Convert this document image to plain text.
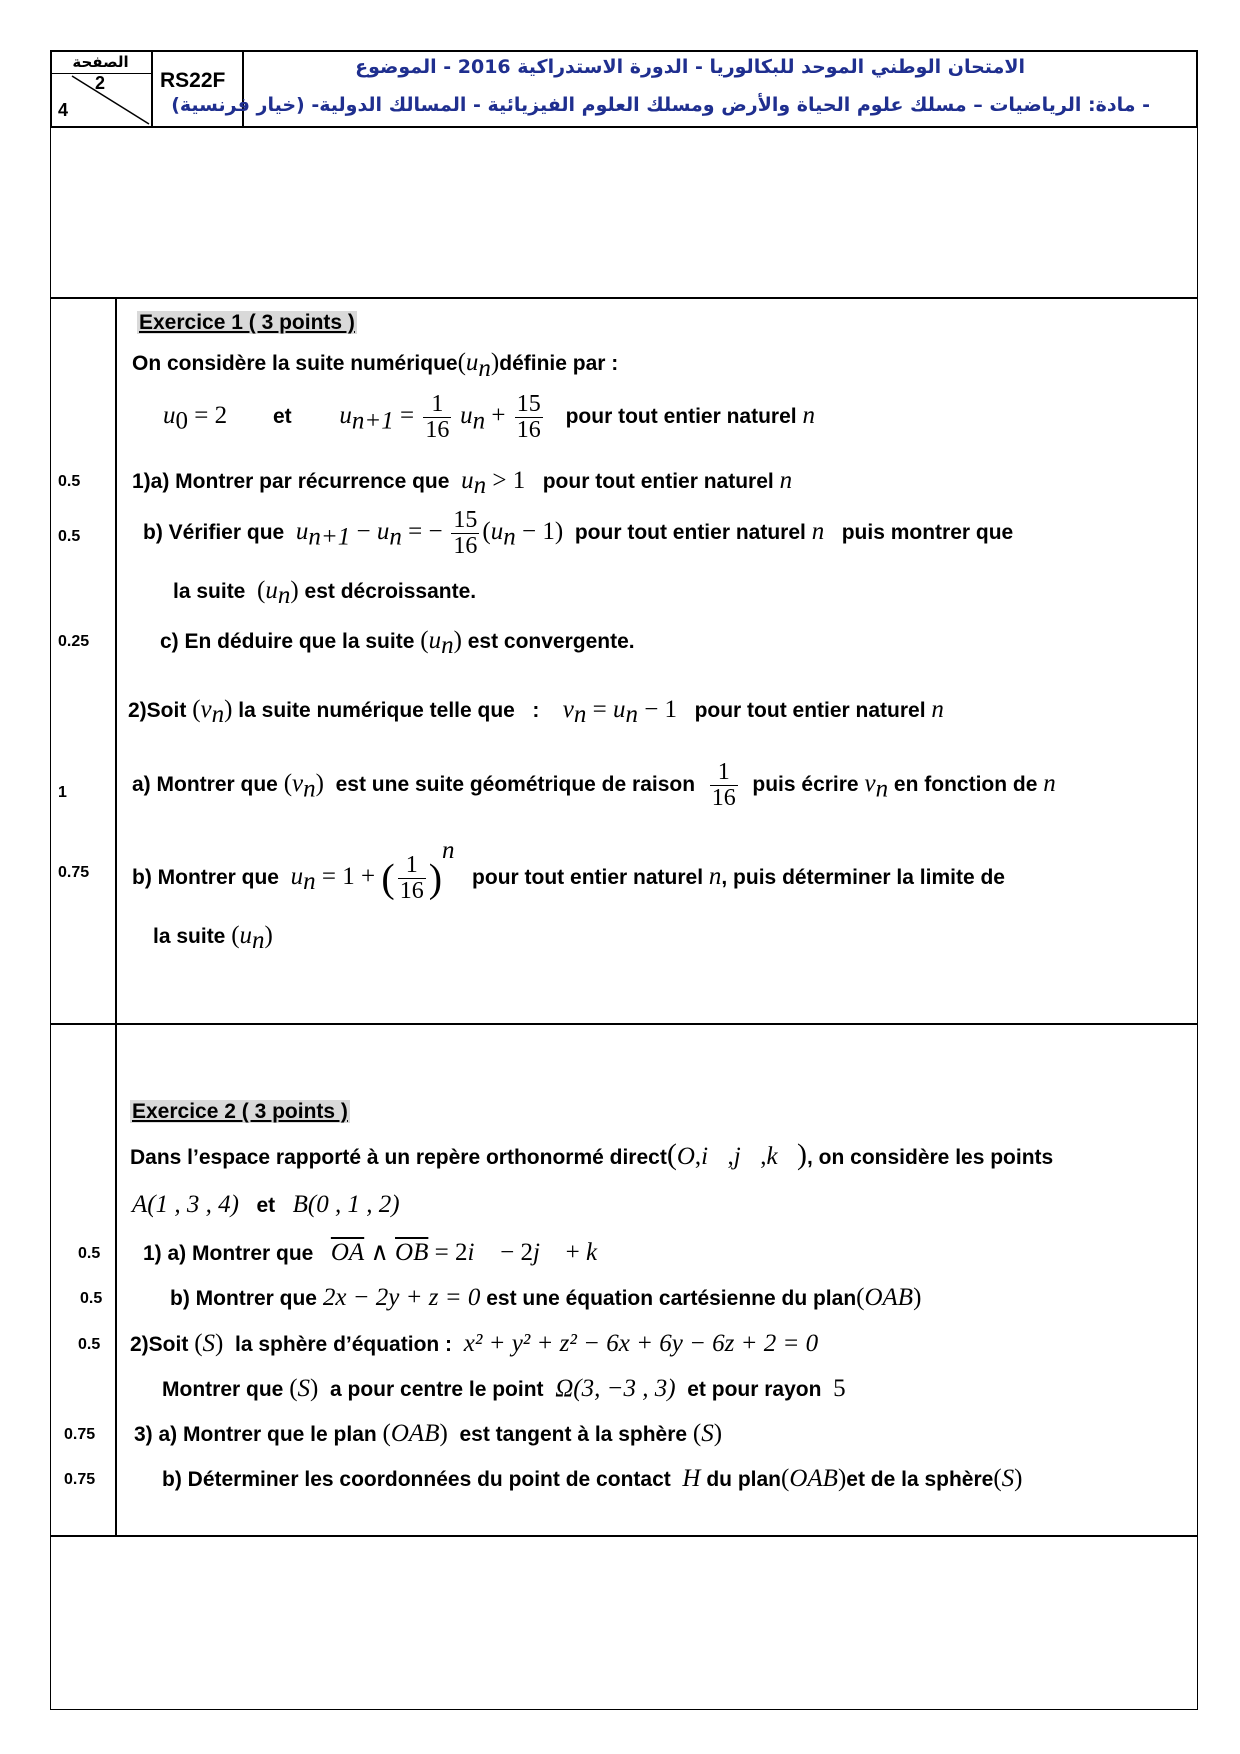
الصفحة
2
4
RS22F
الامتحان الوطني الموحد للبكالوريا - الدورة الاستدراكية 2016 - الموضوع
- مادة: الرياضيات – مسلك علوم الحياة والأرض ومسلك العلوم الفيزيائية - المسالك الدولية- (خيار فرنسية)
Exercice 1 ( 3 points )
On considère la suite $numérique(u_n)définie$ par :
$u_0 = 2$ et $u_{n+1} = \frac{1}{16} u_n + \frac{15}{16}$ pour tout entier naturel n
0.5	1)a) Montrer par récurrence que $u_n > 1$ pour tout entier naturel n
0.5	b) Vérifier que $u_{n+1} - u_n$ = − $\frac{15}{16} (u_n - 1)$ pour tout entier naturel n puis montrer que
la suite $(u_n)$ est décroissante.
0.25	c) En déduire que la suite $(u_n)$ est convergente.
2)Soit $(v_n)$ la suite numérique telle que   :    $v_n = u_n - 1$ pour tout entier naturel n
1	a) Montrer que $(v_n)$ est une suite géométrique de raison $\frac{1}{16}$ puis écrire $v_n$ en fonction de n
0.75	b) Montrer que $u_n = 1$ + ( $\frac{1}{16} )^n$   pour tout entier naturel n, puis déterminer la limite de
la suite $(u_n)$
Exercice 2 ( 3 points )
Dans l’espace rapporté à un repère orthonormé direct(O,i⃗,j⃗,k⃗), on considère les points
A(1 , 3 , 4) et B(0 , 1 , 2)
0.5	1) a) Montrer que $\overline{OA}$ ∧ $\overline{OB}$ = 2i⃗ − 2j⃗ + k⃗
0.5	b) Montrer que 2x − 2y + z = 0 est une équation cartésienne du plan(OAB)
0.5	2)Soit (S) la sphère d’équation : x² + y² + z² − 6x + 6y − 6z + 2 = 0
Montrer que (S) a pour centre le point Ω(3, −3 , 3) et pour rayon 5
0.75	3) a) Montrer que le plan (OAB) est tangent à la sphère (S)
0.75	b) Déterminer les coordonnées du point de contact H du plan(OAB)et de la sphère(S)
